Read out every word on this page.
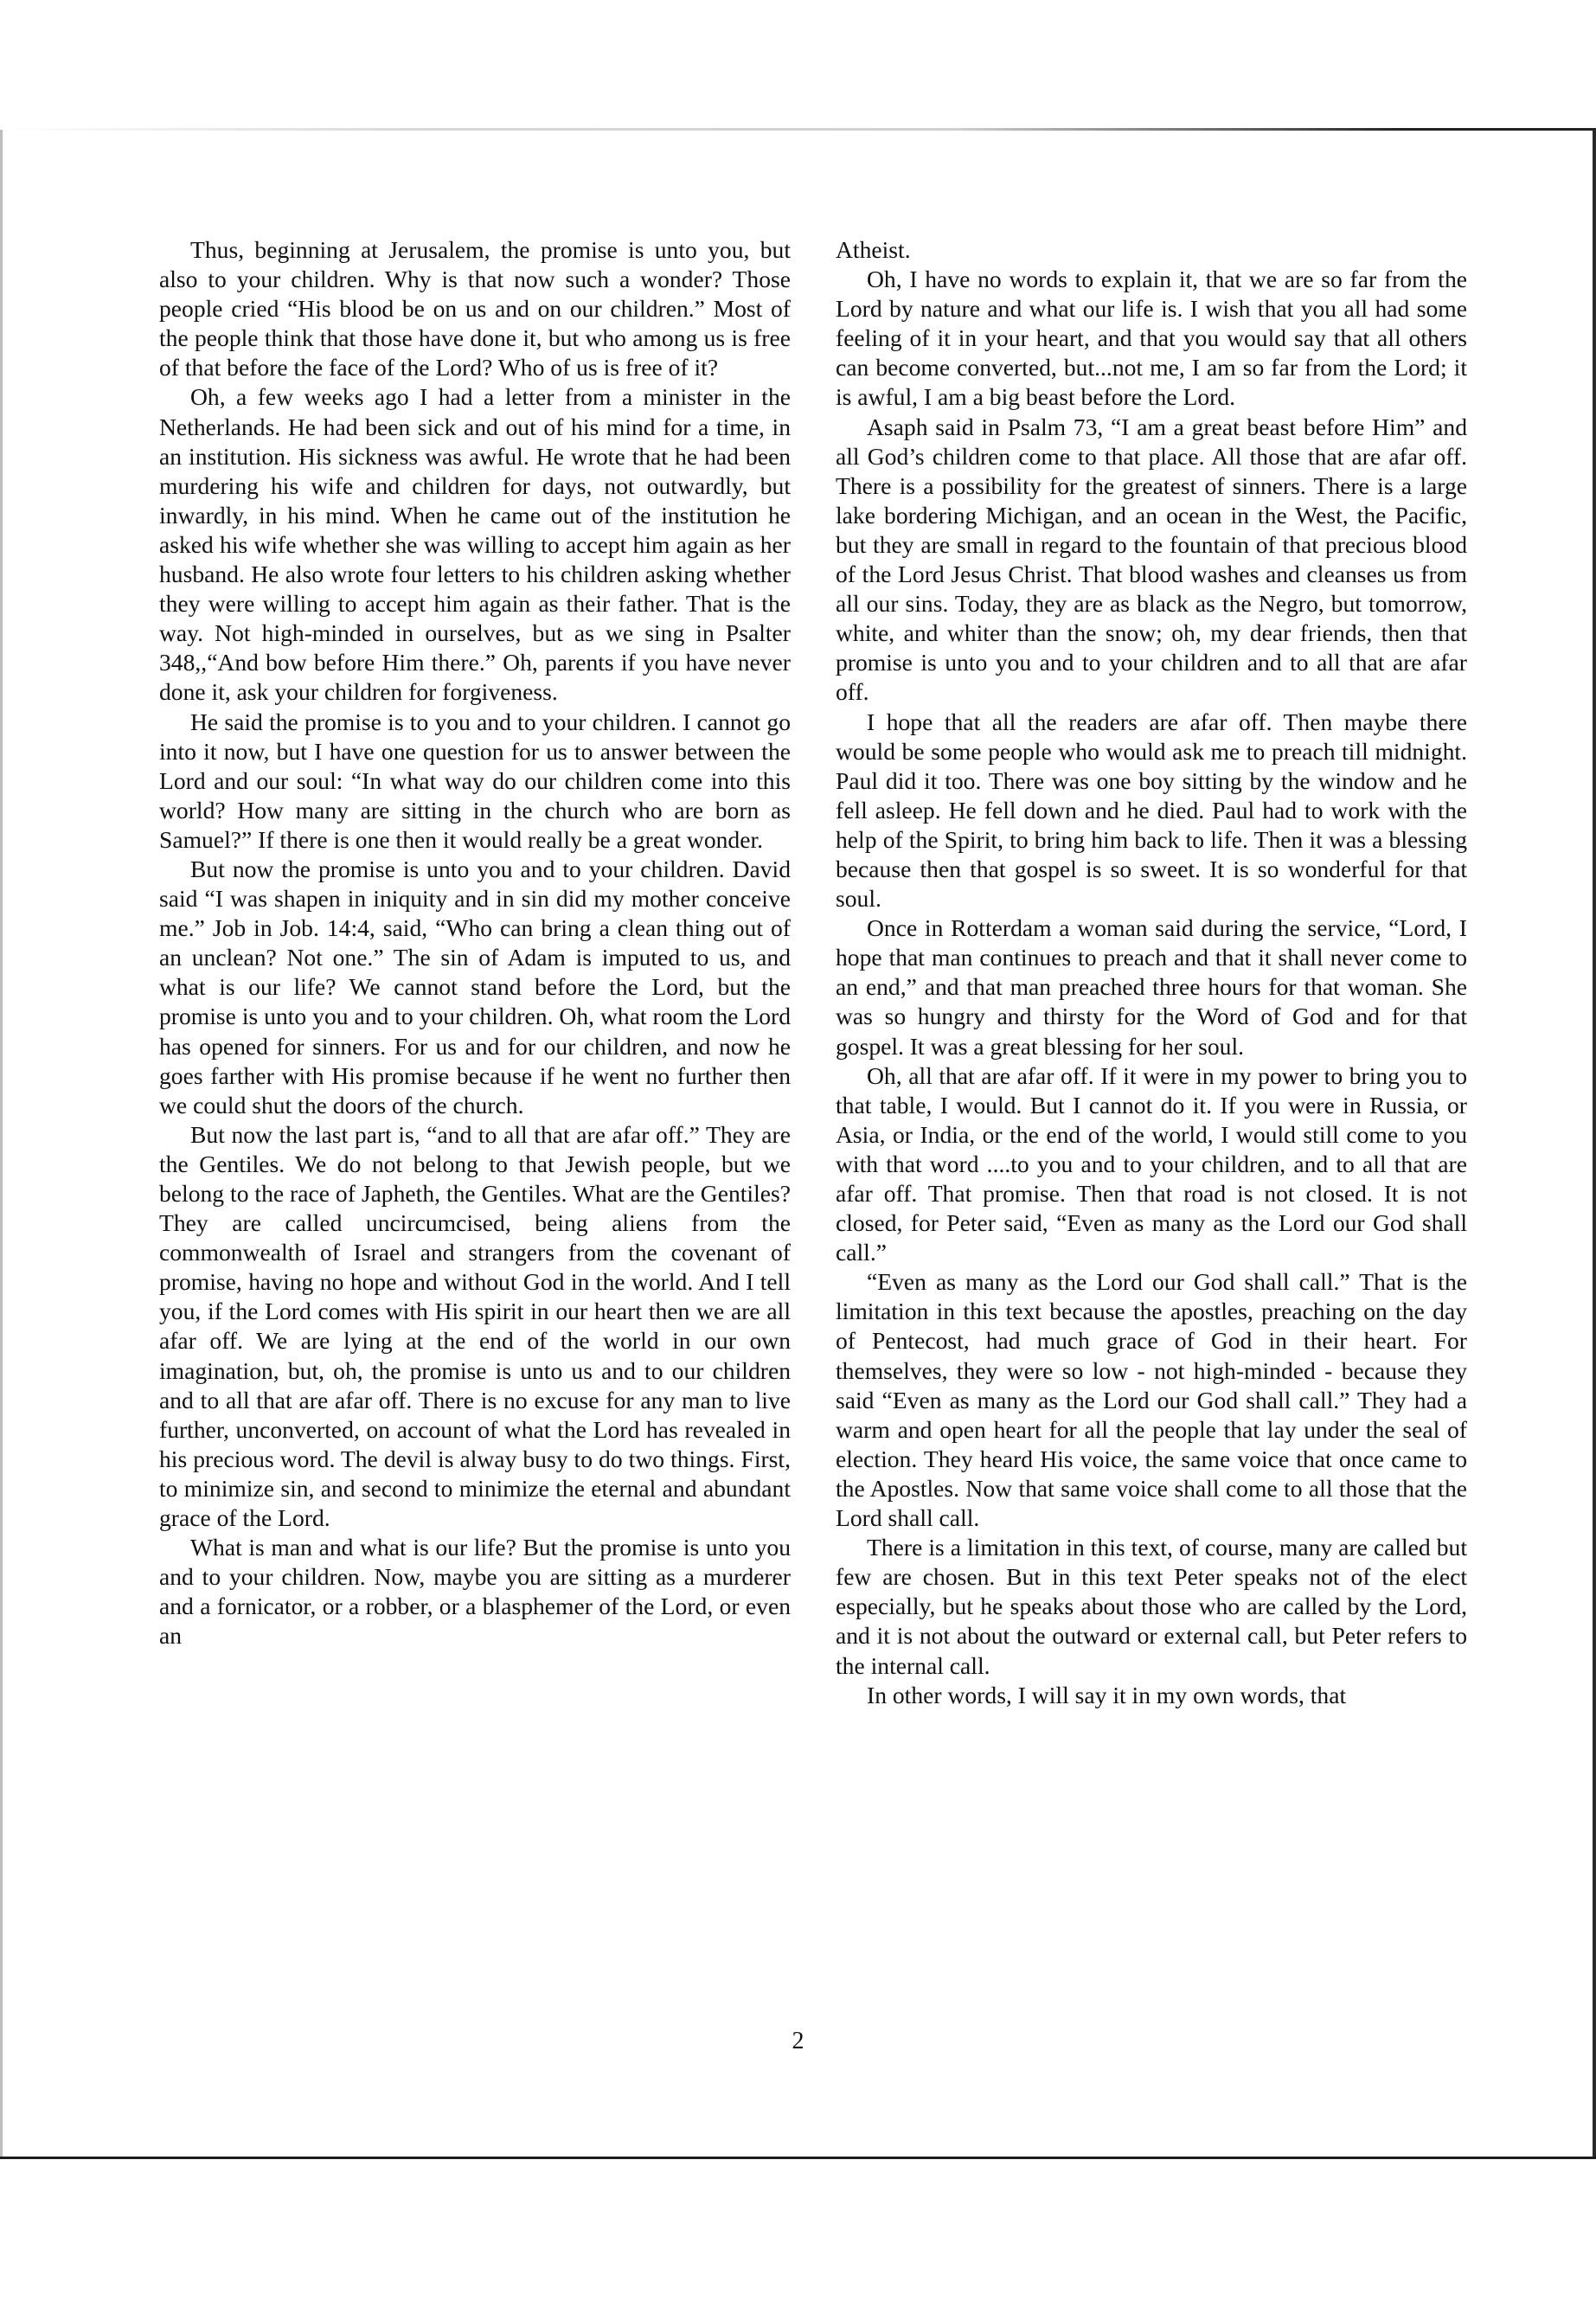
Thus, beginning at Jerusalem, the promise is unto you, but also to your children. Why is that now such a wonder? Those people cried “His blood be on us and on our children.” Most of the people think that those have done it, but who among us is free of that before the face of the Lord? Who of us is free of it?

Oh, a few weeks ago I had a letter from a minister in the Netherlands. He had been sick and out of his mind for a time, in an institution. His sickness was awful. He wrote that he had been murdering his wife and children for days, not outwardly, but inwardly, in his mind. When he came out of the institution he asked his wife whether she was willing to accept him again as her husband. He also wrote four letters to his children asking whether they were willing to accept him again as their father. That is the way. Not high-minded in ourselves, but as we sing in Psalter 348,,“And bow before Him there.” Oh, parents if you have never done it, ask your children for forgiveness.

He said the promise is to you and to your children. I cannot go into it now, but I have one question for us to answer between the Lord and our soul: “In what way do our children come into this world? How many are sitting in the church who are born as Samuel?” If there is one then it would really be a great wonder.

But now the promise is unto you and to your children. David said “I was shapen in iniquity and in sin did my mother conceive me.” Job in Job. 14:4, said, “Who can bring a clean thing out of an unclean? Not one.” The sin of Adam is imputed to us, and what is our life? We cannot stand before the Lord, but the promise is unto you and to your children. Oh, what room the Lord has opened for sinners. For us and for our children, and now he goes farther with His promise because if he went no further then we could shut the doors of the church.

But now the last part is, “and to all that are afar off.” They are the Gentiles. We do not belong to that Jewish people, but we belong to the race of Japheth, the Gentiles. What are the Gentiles? They are called uncircumcised, being aliens from the commonwealth of Israel and strangers from the covenant of promise, having no hope and without God in the world. And I tell you, if the Lord comes with His spirit in our heart then we are all afar off. We are lying at the end of the world in our own imagination, but, oh, the promise is unto us and to our children and to all that are afar off. There is no excuse for any man to live further, unconverted, on account of what the Lord has revealed in his precious word. The devil is alway busy to do two things. First, to minimize sin, and second to minimize the eternal and abundant grace of the Lord.

What is man and what is our life? But the promise is unto you and to your children. Now, maybe you are sitting as a murderer and a fornicator, or a robber, or a blasphemer of the Lord, or even an

Atheist.

Oh, I have no words to explain it, that we are so far from the Lord by nature and what our life is. I wish that you all had some feeling of it in your heart, and that you would say that all others can become converted, but...not me, I am so far from the Lord; it is awful, I am a big beast before the Lord.

Asaph said in Psalm 73, “I am a great beast before Him” and all God’s children come to that place. All those that are afar off. There is a possibility for the greatest of sinners. There is a large lake bordering Michigan, and an ocean in the West, the Pacific, but they are small in regard to the fountain of that precious blood of the Lord Jesus Christ. That blood washes and cleanses us from all our sins. Today, they are as black as the Negro, but tomorrow, white, and whiter than the snow; oh, my dear friends, then that promise is unto you and to your children and to all that are afar off.

I hope that all the readers are afar off. Then maybe there would be some people who would ask me to preach till midnight. Paul did it too. There was one boy sitting by the window and he fell asleep. He fell down and he died. Paul had to work with the help of the Spirit, to bring him back to life. Then it was a blessing because then that gospel is so sweet. It is so wonderful for that soul.

Once in Rotterdam a woman said during the service, “Lord, I hope that man continues to preach and that it shall never come to an end,” and that man preached three hours for that woman. She was so hungry and thirsty for the Word of God and for that gospel. It was a great blessing for her soul.

Oh, all that are afar off. If it were in my power to bring you to that table, I would. But I cannot do it. If you were in Russia, or Asia, or India, or the end of the world, I would still come to you with that word ....to you and to your children, and to all that are afar off. That promise. Then that road is not closed. It is not closed, for Peter said, “Even as many as the Lord our God shall call.”

“Even as many as the Lord our God shall call.” That is the limitation in this text because the apostles, preaching on the day of Pentecost, had much grace of God in their heart. For themselves, they were so low - not high-minded - because they said “Even as many as the Lord our God shall call.” They had a warm and open heart for all the people that lay under the seal of election. They heard His voice, the same voice that once came to the Apostles. Now that same voice shall come to all those that the Lord shall call.

There is a limitation in this text, of course, many are called but few are chosen. But in this text Peter speaks not of the elect especially, but he speaks about those who are called by the Lord, and it is not about the outward or external call, but Peter refers to the internal call.

In other words, I will say it in my own words, that

2
